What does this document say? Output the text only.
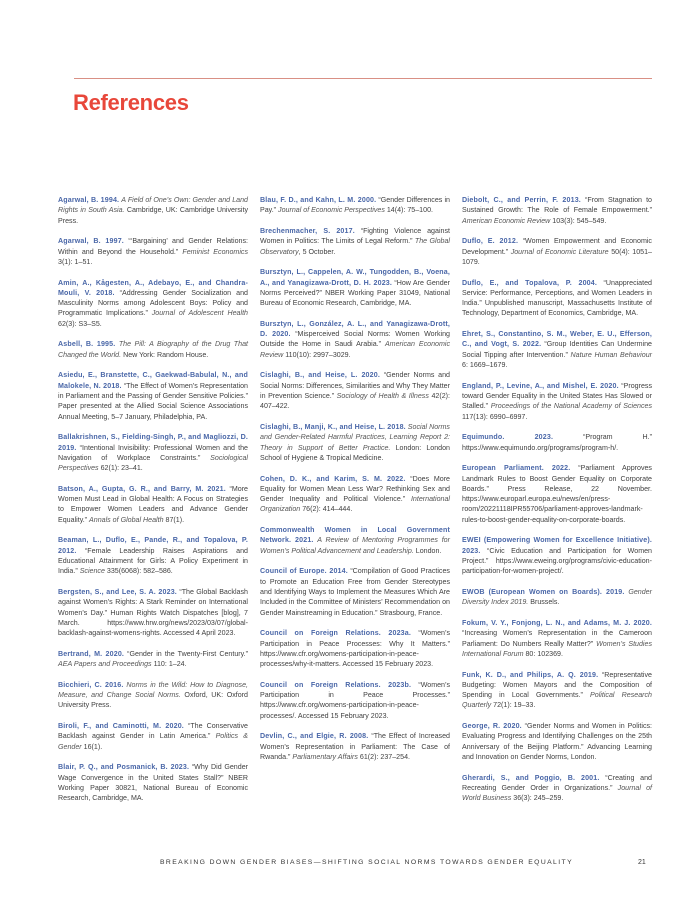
References

Agarwal, B. 1994. A Field of One’s Own: Gender and Land Rights in South Asia. Cambridge, UK: Cambridge University Press.

Agarwal, B. 1997. “‘Bargaining’ and Gender Relations: Within and Beyond the Household.” Feminist Economics 3(1): 1–51.

Amin, A., Kågesten, A., Adebayo, E., and Chandra-Mouli, V. 2018. “Addressing Gender Socialization and Masculinity Norms among Adolescent Boys: Policy and Programmatic Implications.” Journal of Adolescent Health 62(3): S3–S5.

Asbell, B. 1995. The Pill: A Biography of the Drug That Changed the World. New York: Random House.

Asiedu, E., Branstette, C., Gaekwad-Babulal, N., and Malokele, N. 2018. “The Effect of Women’s Representation in Parliament and the Passing of Gender Sensitive Policies.” Paper presented at the Allied Social Science Associations Annual Meeting, 5–7 January, Philadelphia, PA.

Ballakrishnen, S., Fielding-Singh, P., and Magliozzi, D. 2019. “Intentional Invisibility: Professional Women and the Navigation of Workplace Constraints.” Sociological Perspectives 62(1): 23–41.

Batson, A., Gupta, G. R., and Barry, M. 2021. “More Women Must Lead in Global Health: A Focus on Strategies to Empower Women Leaders and Advance Gender Equality.” Annals of Global Health 87(1).

Beaman, L., Duflo, E., Pande, R., and Topalova, P. 2012. “Female Leadership Raises Aspirations and Educational Attainment for Girls: A Policy Experiment in India.” Science 335(6068): 582–586.

Bergsten, S., and Lee, S. A. 2023. “The Global Backlash against Women’s Rights: A Stark Reminder on International Women’s Day.” Human Rights Watch Dispatches [blog], 7 March. https://www.hrw.org/news/2023/03/07/global-backlash-against-womens-rights. Accessed 4 April 2023.

Bertrand, M. 2020. “Gender in the Twenty-First Century.” AEA Papers and Proceedings 110: 1–24.

Bicchieri, C. 2016. Norms in the Wild: How to Diagnose, Measure, and Change Social Norms. Oxford, UK: Oxford University Press.

Biroli, F., and Caminotti, M. 2020. “The Conservative Backlash against Gender in Latin America.” Politics & Gender 16(1).

Blair, P. Q., and Posmanick, B. 2023. “Why Did Gender Wage Convergence in the United States Stall?” NBER Working Paper 30821, National Bureau of Economic Research, Cambridge, MA.

Blau, F. D., and Kahn, L. M. 2000. “Gender Differences in Pay.” Journal of Economic Perspectives 14(4): 75–100.

Brechenmacher, S. 2017. “Fighting Violence against Women in Politics: The Limits of Legal Reform.” The Global Observatory, 5 October.

Bursztyn, L., Cappelen, A. W., Tungodden, B., Voena, A., and Yanagizawa-Drott, D. H. 2023. “How Are Gender Norms Perceived?” NBER Working Paper 31049, National Bureau of Economic Research, Cambridge, MA.

Bursztyn, L., González, A. L., and Yanagizawa-Drott, D. 2020. “Misperceived Social Norms: Women Working Outside the Home in Saudi Arabia.” American Economic Review 110(10): 2997–3029.

Cislaghi, B., and Heise, L. 2020. “Gender Norms and Social Norms: Differences, Similarities and Why They Matter in Prevention Science.” Sociology of Health & Illness 42(2): 407–422.

Cislaghi, B., Manji, K., and Heise, L. 2018. Social Norms and Gender-Related Harmful Practices, Learning Report 2: Theory in Support of Better Practice. London: London School of Hygiene & Tropical Medicine.

Cohen, D. K., and Karim, S. M. 2022. “Does More Equality for Women Mean Less War? Rethinking Sex and Gender Inequality and Political Violence.” International Organization 76(2): 414–444.

Commonwealth Women in Local Government Network. 2021. A Review of Mentoring Programmes for Women’s Political Advancement and Leadership. London.

Council of Europe. 2014. “Compilation of Good Practices to Promote an Education Free from Gender Stereotypes and Identifying Ways to Implement the Measures Which Are Included in the Committee of Ministers’ Recommendation on Gender Mainstreaming in Education.” Strasbourg, France.

Council on Foreign Relations. 2023a. “Women’s Participation in Peace Processes: Why It Matters.” https://www.cfr.org/womens-participation-in-peace-processes/why-it-matters. Accessed 15 February 2023.

Council on Foreign Relations. 2023b. “Women’s Participation in Peace Processes.” https://www.cfr.org/womens-participation-in-peace-processes/. Accessed 15 February 2023.

Devlin, C., and Elgie, R. 2008. “The Effect of Increased Women’s Representation in Parliament: The Case of Rwanda.” Parliamentary Affairs 61(2): 237–254.

Diebolt, C., and Perrin, F. 2013. “From Stagnation to Sustained Growth: The Role of Female Empowerment.” American Economic Review 103(3): 545–549.

Duflo, E. 2012. “Women Empowerment and Economic Development.” Journal of Economic Literature 50(4): 1051–1079.

Duflo, E., and Topalova, P. 2004. “Unappreciated Service: Performance, Perceptions, and Women Leaders in India.” Unpublished manuscript, Massachusetts Institute of Technology, Department of Economics, Cambridge, MA.

Ehret, S., Constantino, S. M., Weber, E. U., Efferson, C., and Vogt, S. 2022. “Group Identities Can Undermine Social Tipping after Intervention.” Nature Human Behaviour 6: 1669–1679.

England, P., Levine, A., and Mishel, E. 2020. “Progress toward Gender Equality in the United States Has Slowed or Stalled.” Proceedings of the National Academy of Sciences 117(13): 6990–6997.

Equimundo. 2023. “Program H.” https://www.equimundo.org/programs/program-h/.

European Parliament. 2022. “Parliament Approves Landmark Rules to Boost Gender Equality on Corporate Boards.” Press Release, 22 November. https://www.europarl.europa.eu/news/en/press-room/20221118IPR55706/parliament-approves-landmark-rules-to-boost-gender-equality-on-corporate-boards.

EWEI (Empowering Women for Excellence Initiative). 2023. “Civic Education and Participation for Women Project.” https://www.eweing.org/programs/civic-education-participation-for-women-project/.

EWOB (European Women on Boards). 2019. Gender Diversity Index 2019. Brussels.

Fokum, V. Y., Fonjong, L. N., and Adams, M. J. 2020. “Increasing Women’s Representation in the Cameroon Parliament: Do Numbers Really Matter?” Women’s Studies International Forum 80: 102369.

Funk, K. D., and Philips, A. Q. 2019. “Representative Budgeting: Women Mayors and the Composition of Spending in Local Governments.” Political Research Quarterly 72(1): 19–33.

George, R. 2020. “Gender Norms and Women in Politics: Evaluating Progress and Identifying Challenges on the 25th Anniversary of the Beijing Platform.” Advancing Learning and Innovation on Gender Norms, London.

Gherardi, S., and Poggio, B. 2001. “Creating and Recreating Gender Order in Organizations.” Journal of World Business 36(3): 245–259.

BREAKING DOWN GENDER BIASES—SHIFTING SOCIAL NORMS TOWARDS GENDER EQUALITY	21
